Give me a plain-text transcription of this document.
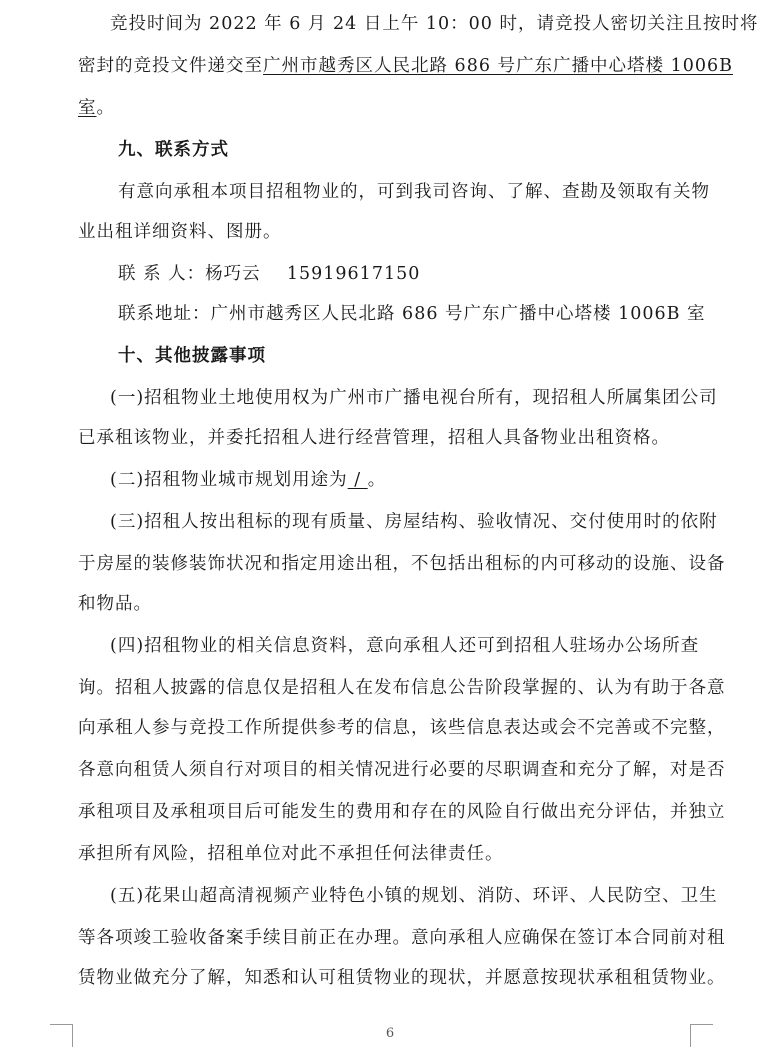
竞投时间为 2022 年 6 月 24 日上午 10：00 时，请竞投人密切关注且按时将
密封的竞投文件递交至广州市越秀区人民北路 686 号广东广播中心塔楼 1006B
室。
九、联系方式
有意向承租本项目招租物业的，可到我司咨询、了解、查勘及领取有关物
业出租详细资料、图册。
联 系 人：杨巧云    15919617150
联系地址：广州市越秀区人民北路 686 号广东广播中心塔楼 1006B 室
十、其他披露事项
(一)招租物业土地使用权为广州市广播电视台所有，现招租人所属集团公司
已承租该物业，并委托招租人进行经营管理，招租人具备物业出租资格。
(二)招租物业城市规划用途为 / 。
(三)招租人按出租标的现有质量、房屋结构、验收情况、交付使用时的依附
于房屋的装修装饰状况和指定用途出租，不包括出租标的内可移动的设施、设备
和物品。
(四)招租物业的相关信息资料，意向承租人还可到招租人驻场办公场所查
询。招租人披露的信息仅是招租人在发布信息公告阶段掌握的、认为有助于各意
向承租人参与竞投工作所提供参考的信息，该些信息表达或会不完善或不完整，
各意向租赁人须自行对项目的相关情况进行必要的尽职调查和充分了解，对是否
承租项目及承租项目后可能发生的费用和存在的风险自行做出充分评估，并独立
承担所有风险，招租单位对此不承担任何法律责任。
(五)花果山超高清视频产业特色小镇的规划、消防、环评、人民防空、卫生
等各项竣工验收备案手续目前正在办理。意向承租人应确保在签订本合同前对租
赁物业做充分了解，知悉和认可租赁物业的现状，并愿意按现状承租租赁物业。
6
